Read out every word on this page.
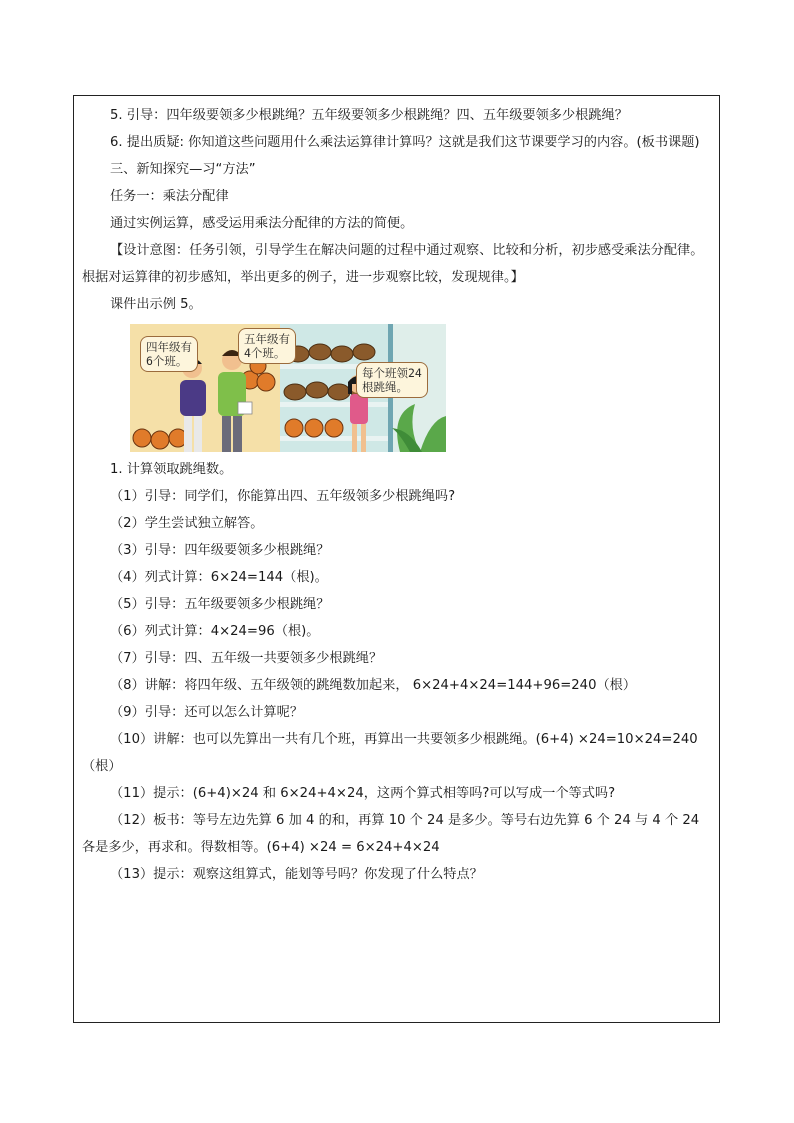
5. 引导：四年级要领多少根跳绳？五年级要领多少根跳绳？四、五年级要领多少根跳绳？

6. 提出质疑: 你知道这些问题用什么乘法运算律计算吗？这就是我们这节课要学习的内容。(板书课题)

三、新知探究—习“方法”

任务一：乘法分配律

通过实例运算，感受运用乘法分配律的方法的简便。

【设计意图：任务引领，引导学生在解决问题的过程中通过观察、比较和分析，初步感受乘法分配律。根据对运算律的初步感知，举出更多的例子，进一步观察比较，发现规律。】

课件出示例 5。

四年级有
6个班。
五年级有
4个班。
每个班领24
根跳绳。

1. 计算领取跳绳数。

（1）引导：同学们，你能算出四、五年级领多少根跳绳吗?

（2）学生尝试独立解答。

（3）引导：四年级要领多少根跳绳？

（4）列式计算：6×24=144（根)。

（5）引导：五年级要领多少根跳绳？

（6）列式计算：4×24=96（根)。

（7）引导：四、五年级一共要领多少根跳绳？

（8）讲解：将四年级、五年级领的跳绳数加起来， 6×24+4×24=144+96=240（根）

（9）引导：还可以怎么计算呢？

（10）讲解：也可以先算出一共有几个班，再算出一共要领多少根跳绳。(6+4) ×24=10×24=240（根）

（11）提示：(6+4)×24 和 6×24+4×24，这两个算式相等吗?可以写成一个等式吗?

（12）板书：等号左边先算 6 加 4 的和，再算 10 个 24 是多少。等号右边先算 6 个 24 与 4 个 24 各是多少，再求和。得数相等。(6+4) ×24 = 6×24+4×24

（13）提示：观察这组算式，能划等号吗？你发现了什么特点？
